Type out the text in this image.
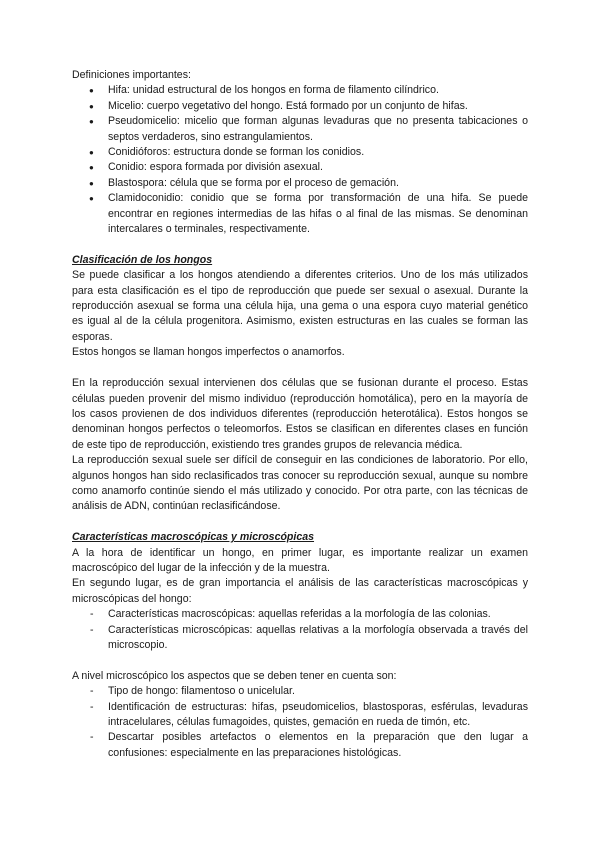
Definiciones importantes:

● Hifa: unidad estructural de los hongos en forma de filamento cilíndrico.
● Micelio: cuerpo vegetativo del hongo. Está formado por un conjunto de hifas.
● Pseudomicelio: micelio que forman algunas levaduras que no presenta tabicaciones o septos verdaderos, sino estrangulamientos.
● Conidióforos: estructura donde se forman los conidios.
● Conidio: espora formada por división asexual.
● Blastospora: célula que se forma por el proceso de gemación.
● Clamidoconidio: conidio que se forma por transformación de una hifa. Se puede encontrar en regiones intermedias de las hifas o al final de las mismas. Se denominan intercalares o terminales, respectivamente.

Clasificación de los hongos

Se puede clasificar a los hongos atendiendo a diferentes criterios. Uno de los más utilizados para esta clasificación es el tipo de reproducción que puede ser sexual o asexual. Durante la reproducción asexual se forma una célula hija, una gema o una espora cuyo material genético es igual al de la célula progenitora. Asimismo, existen estructuras en las cuales se forman las esporas.

Estos hongos se llaman hongos imperfectos o anamorfos.

En la reproducción sexual intervienen dos células que se fusionan durante el proceso. Estas células pueden provenir del mismo individuo (reproducción homotálica), pero en la mayoría de los casos provienen de dos individuos diferentes (reproducción heterotálica). Estos hongos se denominan hongos perfectos o teleomorfos. Estos se clasifican en diferentes clases en función de este tipo de reproducción, existiendo tres grandes grupos de relevancia médica.

La reproducción sexual suele ser difícil de conseguir en las condiciones de laboratorio. Por ello, algunos hongos han sido reclasificados tras conocer su reproducción sexual, aunque su nombre como anamorfo continúe siendo el más utilizado y conocido. Por otra parte, con las técnicas de análisis de ADN, continúan reclasificándose.

Características macroscópicas y microscópicas

A la hora de identificar un hongo, en primer lugar, es importante realizar un examen macroscópico del lugar de la infección y de la muestra.

En segundo lugar, es de gran importancia el análisis de las características macroscópicas y microscópicas del hongo:

- Características macroscópicas: aquellas referidas a la morfología de las colonias.
- Características microscópicas: aquellas relativas a la morfología observada a través del microscopio.

A nivel microscópico los aspectos que se deben tener en cuenta son:

- Tipo de hongo: filamentoso o unicelular.
- Identificación de estructuras: hifas, pseudomicelios, blastosporas, esférulas, levaduras intracelulares, células fumagoides, quistes, gemación en rueda de timón, etc.
- Descartar posibles artefactos o elementos en la preparación que den lugar a confusiones: especialmente en las preparaciones histológicas.
